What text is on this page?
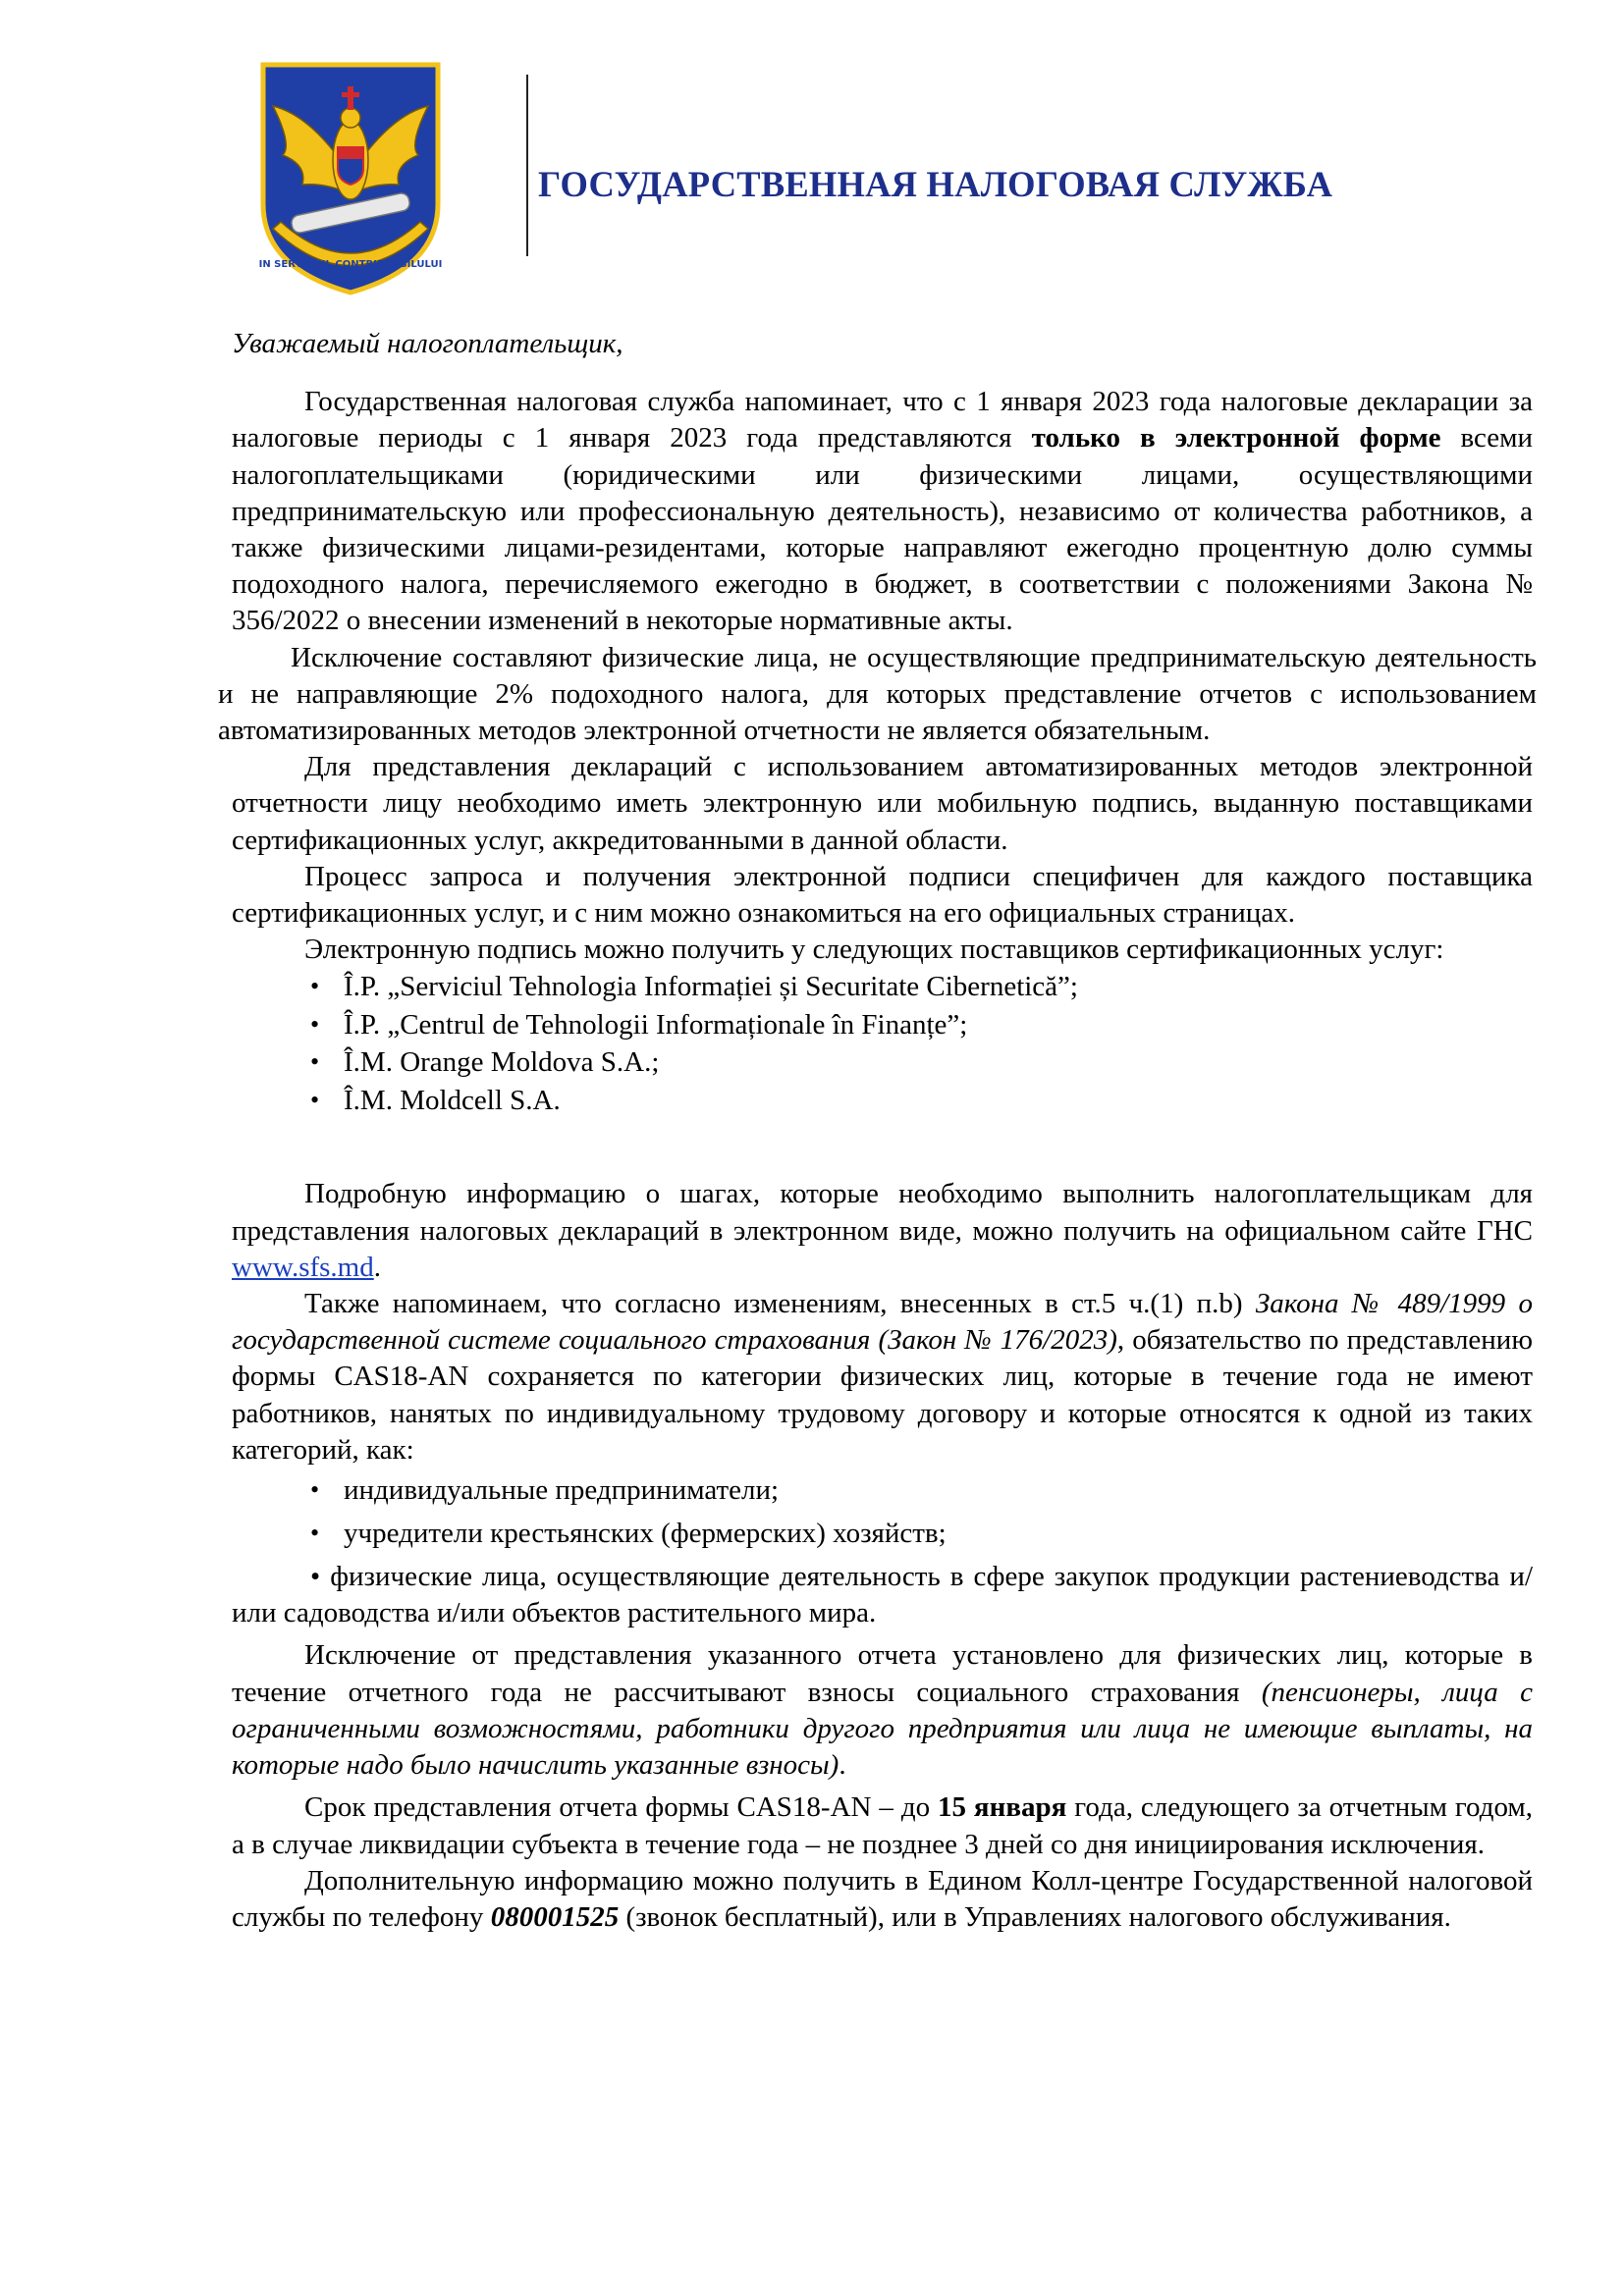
IN SERVICIUL CONTRIBUABILULUI
ГОСУДАРСТВЕННАЯ НАЛОГОВАЯ СЛУЖБА

Уважаемый налогоплательщик,

Государственная налоговая служба напоминает, что с 1 января 2023 года налоговые декларации за налоговые периоды с 1 января 2023 года представляются только в электронной форме всеми налогоплательщиками (юридическими или физическими лицами, осуществляющими предпринимательскую или профессиональную деятельность), независимо от количества работников, а также физическими лицами-резидентами, которые направляют ежегодно процентную долю суммы подоходного налога, перечисляемого ежегодно в бюджет, в соответствии с положениями Закона № 356/2022 о внесении изменений в некоторые нормативные акты.

Исключение составляют физические лица, не осуществляющие предпринимательскую деятельность и не направляющие 2% подоходного налога, для которых представление отчетов с использованием автоматизированных методов электронной отчетности не является обязательным.

Для представления деклараций с использованием автоматизированных методов электронной отчетности лицу необходимо иметь электронную или мобильную подпись, выданную поставщиками сертификационных услуг, аккредитованными в данной области.

Процесс запроса и получения электронной подписи специфичен для каждого поставщика сертификационных услуг, и с ним можно ознакомиться на его официальных страницах.

Электронную подпись можно получить у следующих поставщиков сертификационных услуг:

• Î.P. „Serviciul Tehnologia Informației și Securitate Cibernetică”;
• Î.P. „Centrul de Tehnologii Informaționale în Finanțe”;
• Î.M. Orange Moldova S.A.;
• Î.M. Moldcell S.A.

Подробную информацию о шагах, которые необходимо выполнить налогоплательщикам для представления налоговых деклараций в электронном виде, можно получить на официальном сайте ГНС www.sfs.md.

Также напоминаем, что согласно изменениям, внесенных в ст.5 ч.(1) п.b) Закона № 489/1999 о государственной системе социального страхования (Закон № 176/2023), обязательство по представлению формы CAS18-AN сохраняется по категории физических лиц, которые в течение года не имеют работников, нанятых по индивидуальному трудовому договору и которые относятся к одной из таких категорий, как:

• индивидуальные предприниматели;
• учредители крестьянских (фермерских) хозяйств;

• физические лица, осуществляющие деятельность в сфере закупок продукции растениеводства и/или садоводства и/или объектов растительного мира.

Исключение от представления указанного отчета установлено для физических лиц, которые в течение отчетного года не рассчитывают взносы социального страхования (пенсионеры, лица с ограниченными возможностями, работники другого предприятия или лица не имеющие выплаты, на которые надо было начислить указанные взносы).

Срок представления отчета формы CAS18-AN – до 15 января года, следующего за отчетным годом, а в случае ликвидации субъекта в течение года – не позднее 3 дней со дня инициирования исключения.

Дополнительную информацию можно получить в Едином Колл-центре Государственной налоговой службы по телефону 080001525 (звонок бесплатный), или в Управлениях налогового обслуживания.
